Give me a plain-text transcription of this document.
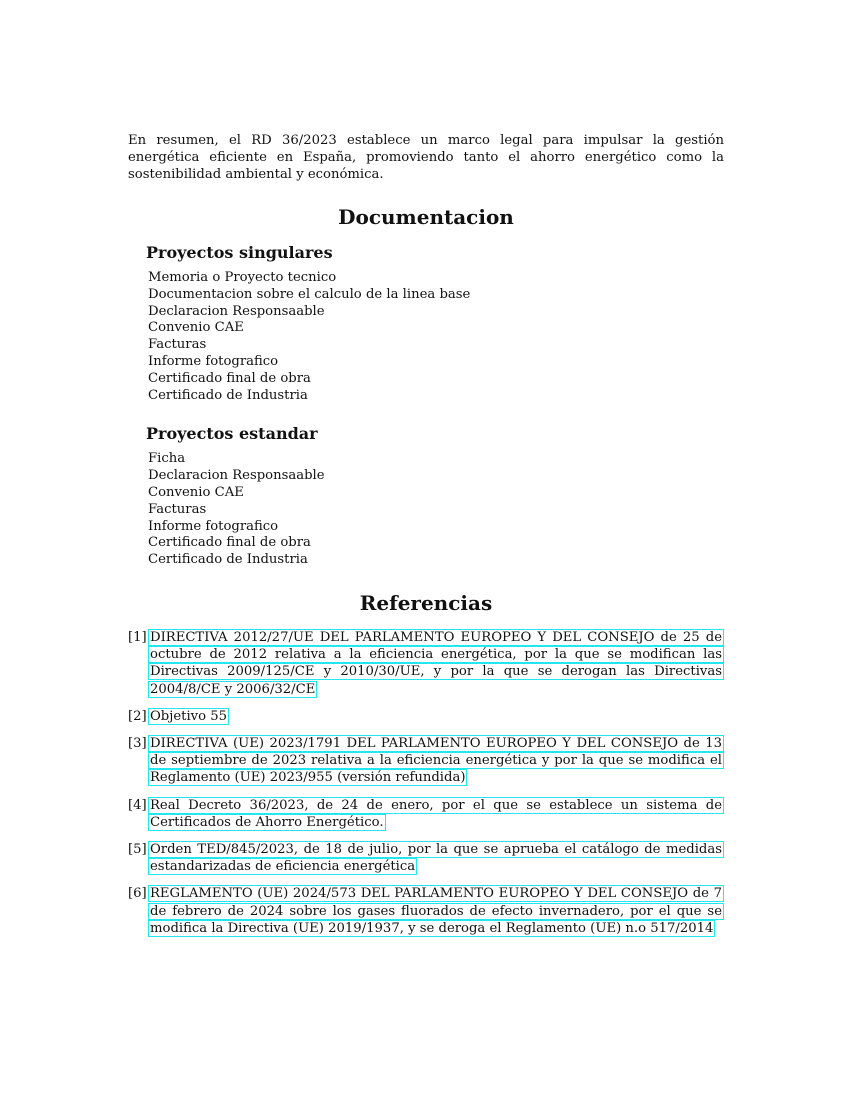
En resumen, el RD 36/2023 establece un marco legal para impulsar la gestión energética eficiente en España, promoviendo tanto el ahorro energético como la sostenibilidad ambiental y económica.

Documentacion
Proyectos singulares
Memoria o Proyecto tecnico
Documentacion sobre el calculo de la linea base
Declaracion Responsaable
Convenio CAE
Facturas
Informe fotografico
Certificado final de obra
Certificado de Industria
Proyectos estandar
Ficha
Declaracion Responsaable
Convenio CAE
Facturas
Informe fotografico
Certificado final de obra
Certificado de Industria
Referencias
[1] DIRECTIVA 2012/27/UE DEL PARLAMENTO EUROPEO Y DEL CONSEJO de 25 de octubre de 2012 relativa a la eficiencia energética, por la que se modifican las Directivas 2009/125/CE y 2010/30/UE, y por la que se derogan las Directivas 2004/8/CE y 2006/32/CE
[2] Objetivo 55
[3] DIRECTIVA (UE) 2023/1791 DEL PARLAMENTO EUROPEO Y DEL CONSEJO de 13 de septiembre de 2023 relativa a la eficiencia energética y por la que se modifica el Reglamento (UE) 2023/955 (versión refundida)
[4] Real Decreto 36/2023, de 24 de enero, por el que se establece un sistema de Certificados de Ahorro Energético.
[5] Orden TED/845/2023, de 18 de julio, por la que se aprueba el catálogo de medidas estandarizadas de eficiencia energética
[6] REGLAMENTO (UE) 2024/573 DEL PARLAMENTO EUROPEO Y DEL CONSEJO de 7 de febrero de 2024 sobre los gases fluorados de efecto invernadero, por el que se modifica la Directiva (UE) 2019/1937, y se deroga el Reglamento (UE) n.o 517/2014
